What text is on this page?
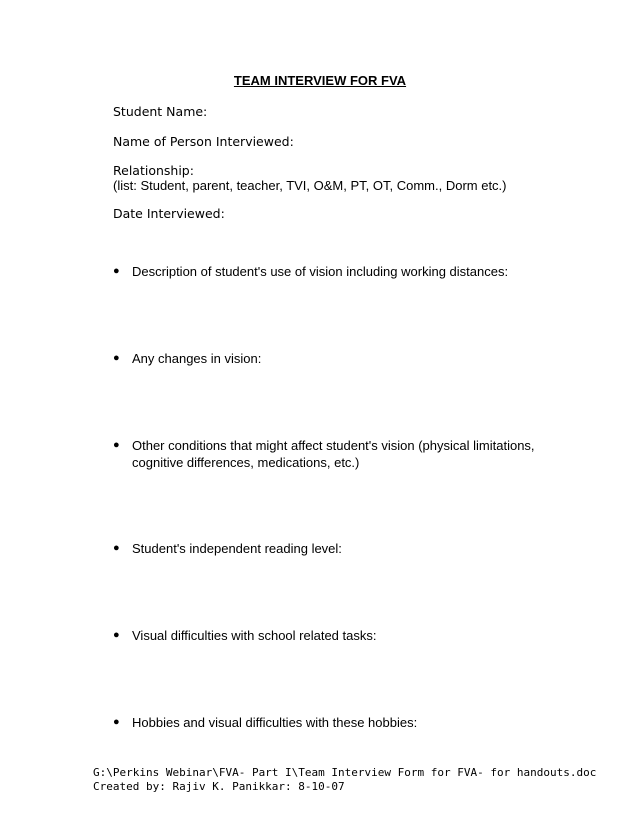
TEAM INTERVIEW FOR FVA
Student Name:
Name of Person Interviewed:
Relationship:
(list: Student, parent, teacher, TVI, O&M, PT, OT, Comm., Dorm etc.)
Date Interviewed:
● Description of student's use of vision including working distances:
● Any changes in vision:
● Other conditions that might affect student's vision (physical limitations, cognitive differences, medications, etc.)
● Student's independent reading level:
● Visual difficulties with school related tasks:
● Hobbies and visual difficulties with these hobbies:
G:\Perkins Webinar\FVA- Part I\Team Interview Form for FVA- for handouts.doc
Created by: Rajiv K. Panikkar: 8-10-07
